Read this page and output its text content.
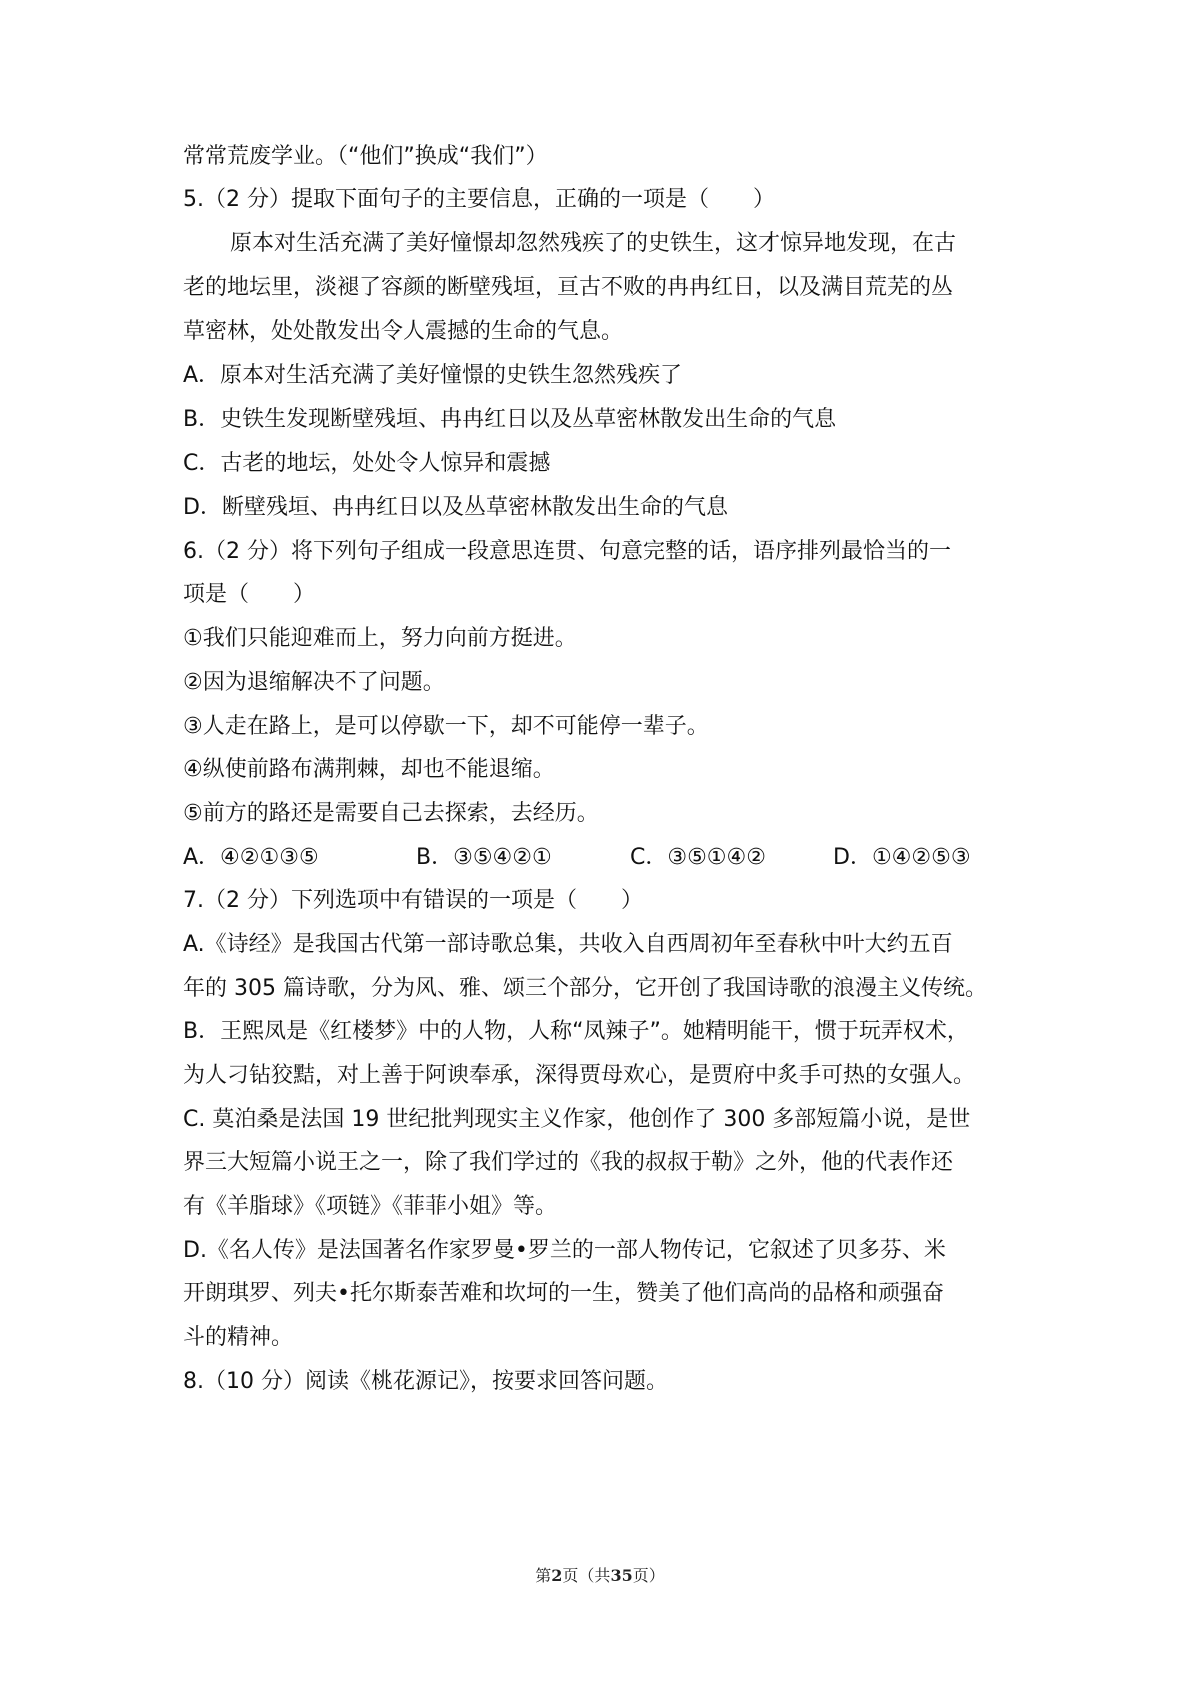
常常荒废学业。（“他们”换成“我们”）
5.（2 分）提取下面句子的主要信息，正确的一项是（　　）
原本对生活充满了美好憧憬却忽然残疾了的史铁生，这才惊异地发现，在古
老的地坛里，淡褪了容颜的断壁残垣，亘古不败的冉冉红日，以及满目荒芜的丛
草密林，处处散发出令人震撼的生命的气息。
A．原本对生活充满了美好憧憬的史铁生忽然残疾了
B．史铁生发现断壁残垣、冉冉红日以及丛草密林散发出生命的气息
C．古老的地坛，处处令人惊异和震撼
D．断壁残垣、冉冉红日以及丛草密林散发出生命的气息
6.（2 分）将下列句子组成一段意思连贯、句意完整的话，语序排列最恰当的一
项是（　　）
①我们只能迎难而上，努力向前方挺进。
②因为退缩解决不了问题。
③人走在路上，是可以停歇一下，却不可能停一辈子。
④纵使前路布满荆棘，却也不能退缩。
⑤前方的路还是需要自己去探索，去经历。
A．④②①③⑤	B．③⑤④②①	C．③⑤①④②	D．①④②⑤③
7.（2 分）下列选项中有错误的一项是（　　）
A.《诗经》是我国古代第一部诗歌总集，共收入自西周初年至春秋中叶大约五百
年的 305 篇诗歌，分为风、雅、颂三个部分，它开创了我国诗歌的浪漫主义传统。
B．王熙凤是《红楼梦》中的人物，人称“凤辣子”。她精明能干，惯于玩弄权术，
为人刁钻狡黠，对上善于阿谀奉承，深得贾母欢心，是贾府中炙手可热的女强人。
C. 莫泊桑是法国 19 世纪批判现实主义作家，他创作了 300 多部短篇小说，是世
界三大短篇小说王之一，除了我们学过的《我的叔叔于勒》之外，他的代表作还
有《羊脂球》《项链》《菲菲小姐》等。
D.《名人传》是法国著名作家罗曼•罗兰的一部人物传记，它叙述了贝多芬、米
开朗琪罗、列夫•托尔斯泰苦难和坎坷的一生，赞美了他们高尚的品格和顽强奋
斗的精神。
8.（10 分）阅读《桃花源记》，按要求回答问题。
第2页（共35页）
